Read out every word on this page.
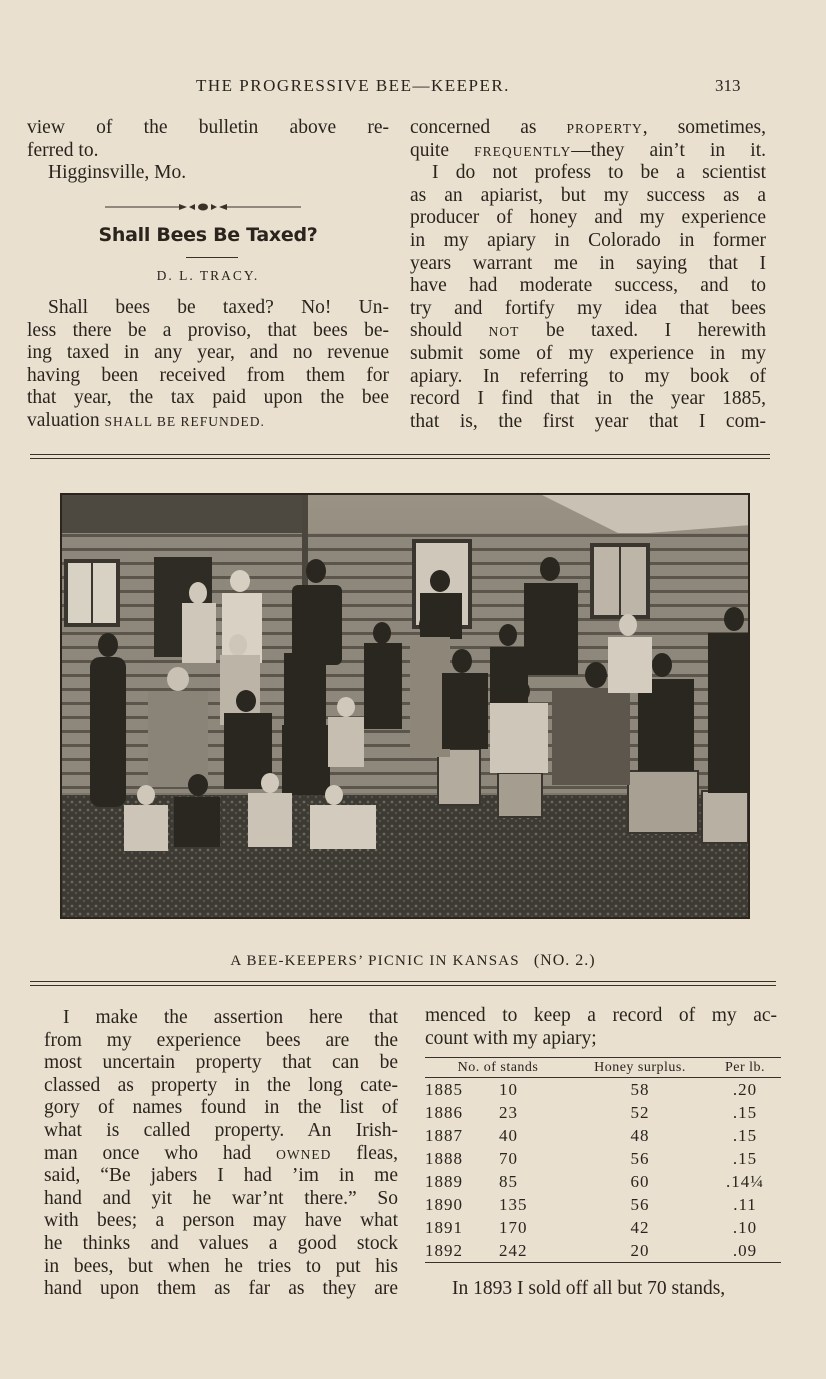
THE PROGRESSIVE BEE—KEEPER.	313
view of the bulletin above re-
ferred to.
Higginsville, Mo.
Shall Bees Be Taxed?
D. L. TRACY.
Shall bees be taxed? No! Un-
less there be a proviso, that bees be-
ing taxed in any year, and no revenue
having been received from them for
that year, the tax paid upon the bee
valuation SHALL BE REFUNDED.
concerned as PROPERTY, sometimes,
quite FREQUENTLY—they ain’t in it.
I do not profess to be a scientist
as an apiarist, but my success as a
producer of honey and my experience
in my apiary in Colorado in former
years warrant me in saying that I
have had moderate success, and to
try and fortify my idea that bees
should NOT be taxed. I herewith
submit some of my experience in my
apiary. In referring to my book of
record I find that in the year 1885,
that is, the first year that I com-
A BEE-KEEPERS’ PICNIC IN KANSAS (NO. 2.)
I make the assertion here that
from my experience bees are the
most uncertain property that can be
classed as property in the long cate-
gory of names found in the list of
what is called property. An Irish-
man once who had OWNED fleas,
said, “Be jabers I had ’im in me
hand and yit he war’nt there.” So
with bees; a person may have what
he thinks and values a good stock
in bees, but when he tries to put his
hand upon them as far as they are
menced to keep a record of my ac-
count with my apiary;
No. of stands		Honey surplus.	Per lb.
1885	10	58	.20
1886	23	52	.15
1887	40	48	.15
1888	70	56	.15
1889	85	60	.14¼
1890	135	56	.11
1891	170	42	.10
1892	242	20	.09
In 1893 I sold off all but 70 stands,
